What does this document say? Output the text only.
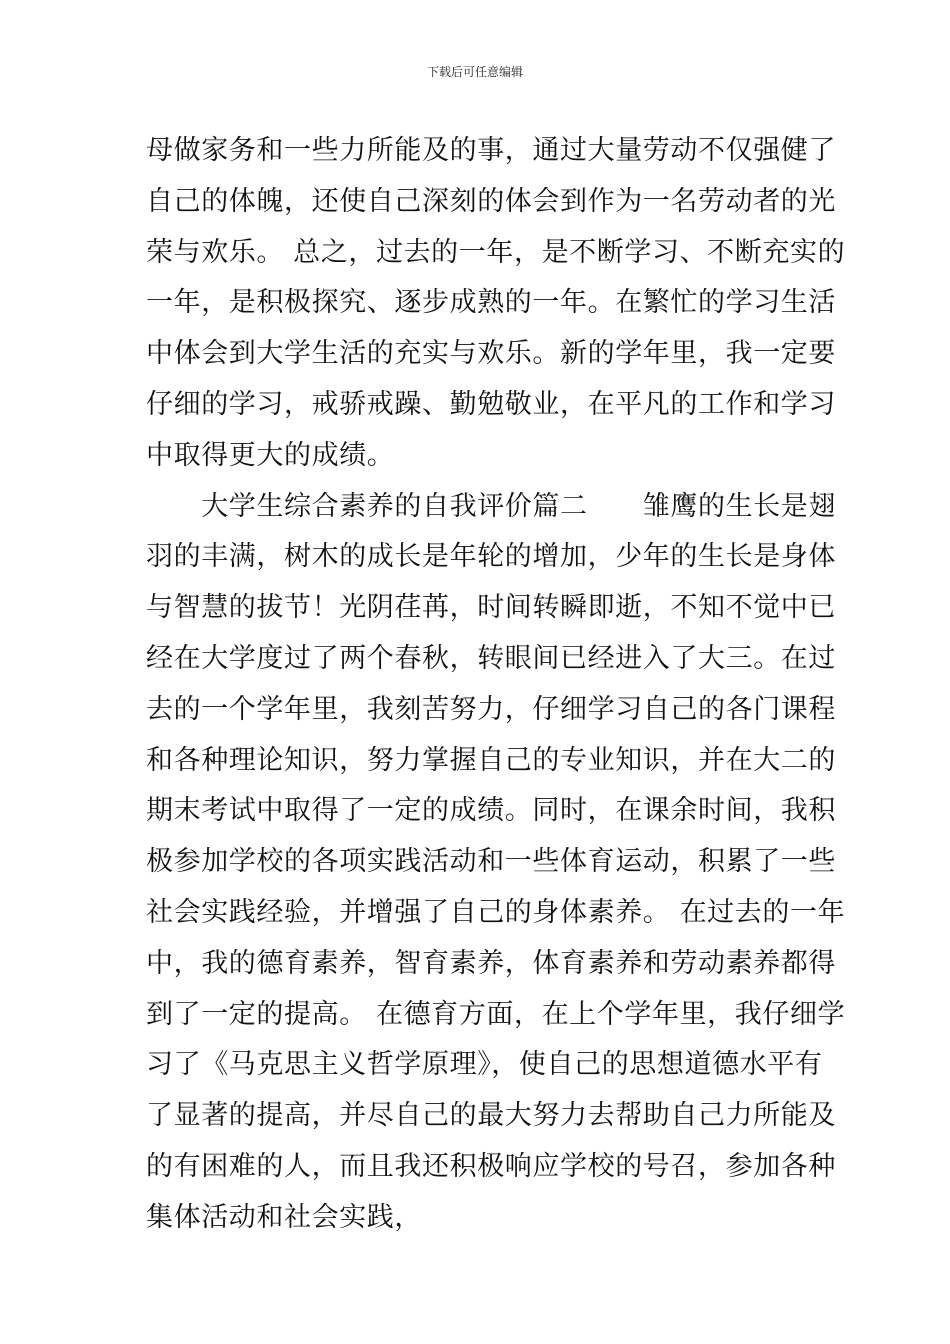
下载后可任意编辑
母做家务和一些力所能及的事，通过大量劳动不仅强健了
自己的体魄，还使自己深刻的体会到作为一名劳动者的光
荣与欢乐。 总之，过去的一年，是不断学习、不断充实的
一年，是积极探究、逐步成熟的一年。在繁忙的学习生活
中体会到大学生活的充实与欢乐。新的学年里，我一定要
仔细的学习，戒骄戒躁、勤勉敬业，在平凡的工作和学习
中取得更大的成绩。
　　大学生综合素养的自我评价篇二　　雏鹰的生长是翅
羽的丰满，树木的成长是年轮的增加，少年的生长是身体
与智慧的拔节！光阴荏苒，时间转瞬即逝，不知不觉中已
经在大学度过了两个春秋，转眼间已经进入了大三。在过
去的一个学年里，我刻苦努力，仔细学习自己的各门课程
和各种理论知识，努力掌握自己的专业知识，并在大二的
期末考试中取得了一定的成绩。同时，在课余时间，我积
极参加学校的各项实践活动和一些体育运动，积累了一些
社会实践经验，并增强了自己的身体素养。 在过去的一年
中，我的德育素养，智育素养，体育素养和劳动素养都得
到了一定的提高。 在德育方面，在上个学年里，我仔细学
习了《马克思主义哲学原理》，使自己的思想道德水平有
了显著的提高，并尽自己的最大努力去帮助自己力所能及
的有困难的人，而且我还积极响应学校的号召，参加各种
集体活动和社会实践，
